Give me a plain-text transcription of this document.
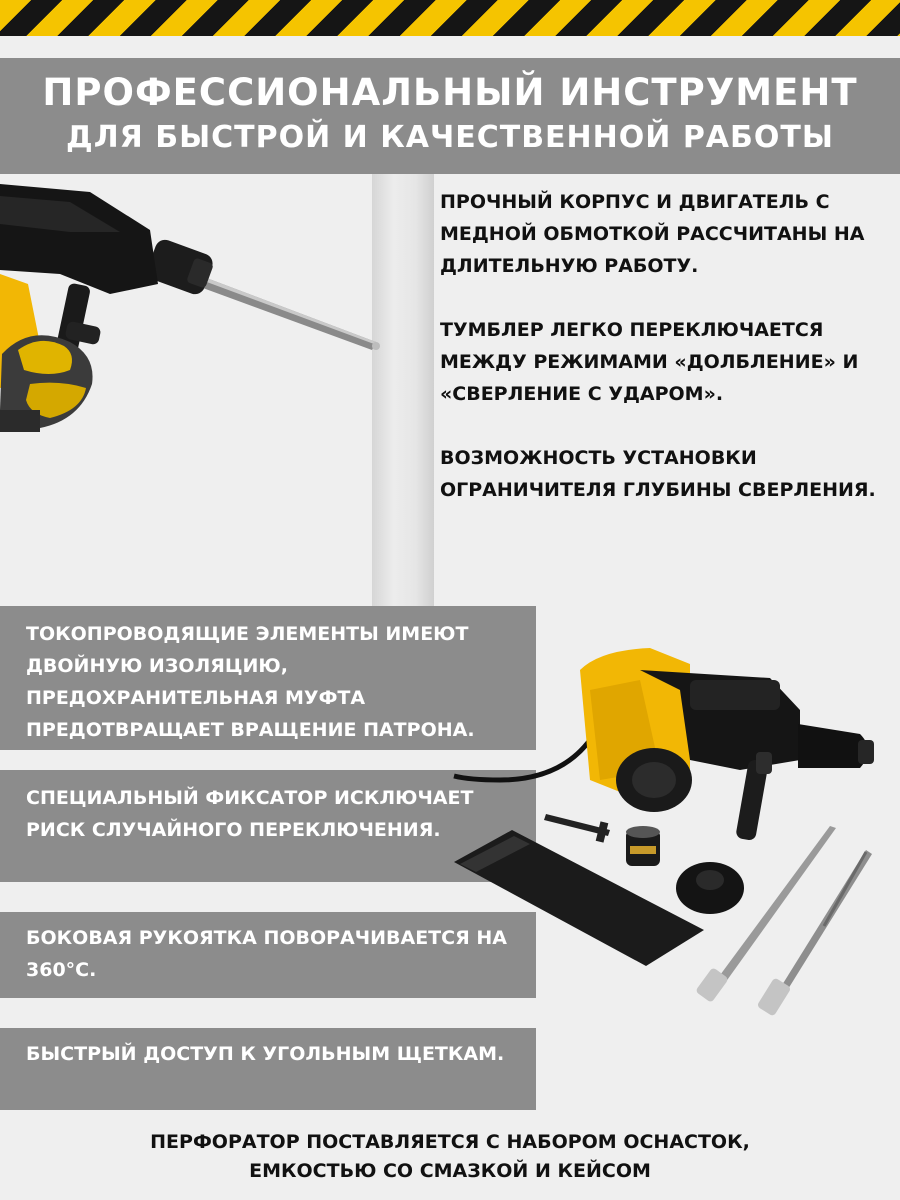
ПРОФЕССИОНАЛЬНЫЙ ИНСТРУМЕНТ
ДЛЯ БЫСТРОЙ И КАЧЕСТВЕННОЙ РАБОТЫ

ПРОЧНЫЙ КОРПУС И ДВИГАТЕЛЬ С МЕДНОЙ ОБМОТКОЙ РАССЧИТАНЫ НА ДЛИТЕЛЬНУЮ РАБОТУ.

ТУМБЛЕР ЛЕГКО ПЕРЕКЛЮЧАЕТСЯ МЕЖДУ РЕЖИМАМИ «ДОЛБЛЕНИЕ» И «СВЕРЛЕНИЕ С УДАРОМ».

ВОЗМОЖНОСТЬ УСТАНОВКИ ОГРАНИЧИТЕЛЯ ГЛУБИНЫ СВЕРЛЕНИЯ.

ТОКОПРОВОДЯЩИЕ ЭЛЕМЕНТЫ ИМЕЮТ ДВОЙНУЮ ИЗОЛЯЦИЮ, ПРЕДОХРАНИТЕЛЬНАЯ МУФТА ПРЕДОТВРАЩАЕТ ВРАЩЕНИЕ ПАТРОНА.
СПЕЦИАЛЬНЫЙ ФИКСАТОР ИСКЛЮЧАЕТ РИСК СЛУЧАЙНОГО ПЕРЕКЛЮЧЕНИЯ.
БОКОВАЯ РУКОЯТКА ПОВОРАЧИВАЕТСЯ НА 360°С.
БЫСТРЫЙ ДОСТУП К УГОЛЬНЫМ ЩЕТКАМ.
ПЕРФОРАТОР ПОСТАВЛЯЕТСЯ С НАБОРОМ ОСНАСТОК,
ЕМКОСТЬЮ СО СМАЗКОЙ И КЕЙСОМ
